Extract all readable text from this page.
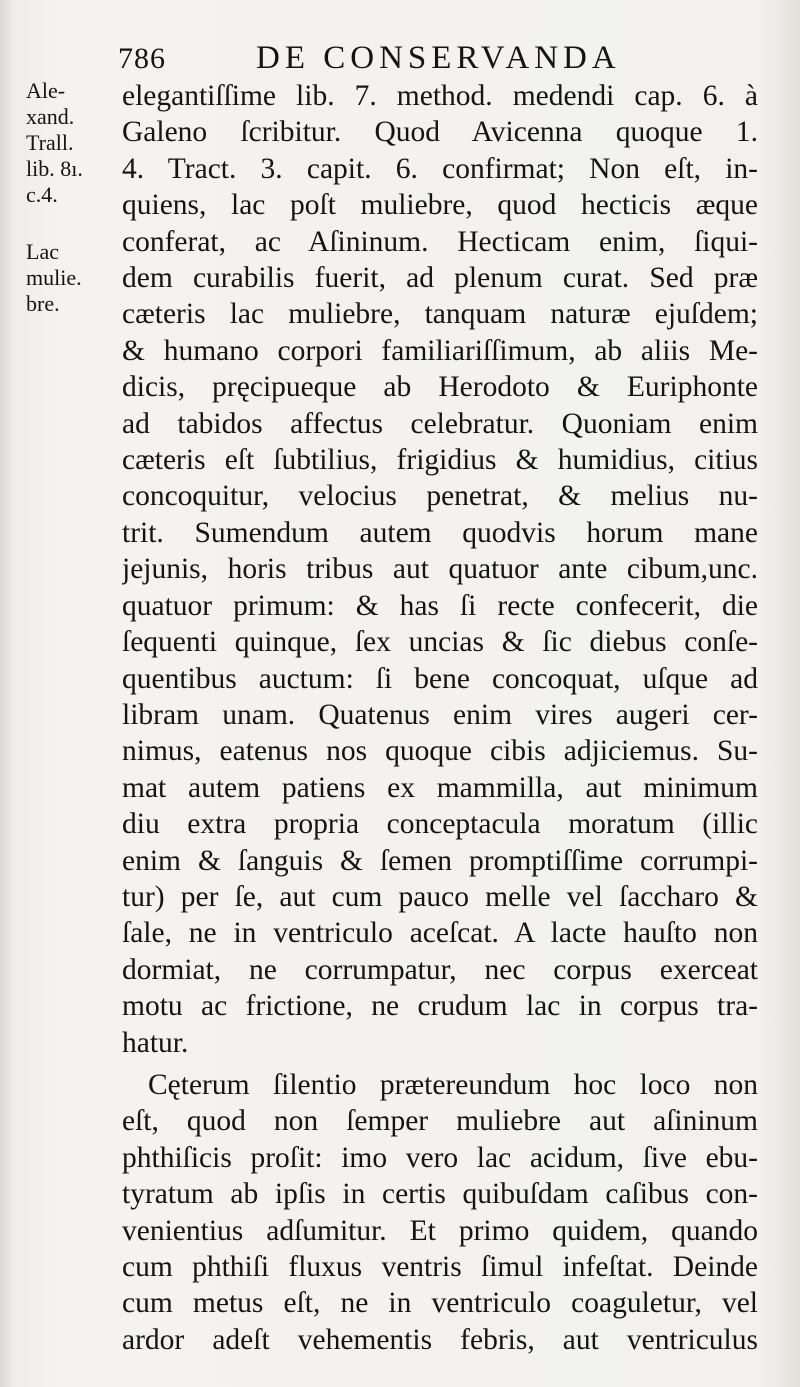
786	DE CONSERVANDA
Ale-
xand.
Trall.
lib. 8ı.
c.4.
Lac
mulie.
bre.
elegantiſſime lib. 7. method. medendi cap. 6. à
Galeno ſcribitur. Quod Avicenna quoque 1.
4. Tract. 3. capit. 6. confirmat; Non eſt, in-
quiens, lac poſt muliebre, quod hecticis æque
conferat, ac Aſininum. Hecticam enim, ſiqui-
dem curabilis fuerit, ad plenum curat. Sed præ
cæteris lac muliebre, tanquam naturæ ejuſdem;
& humano corpori familiariſſimum, ab aliis Me-
dicis, pręcipueque ab Herodoto & Euriphonte
ad tabidos affectus celebratur. Quoniam enim
cæteris eſt ſubtilius, frigidius & humidius, citius
concoquitur, velocius penetrat, & melius nu-
trit. Sumendum autem quodvis horum mane
jejunis, horis tribus aut quatuor ante cibum,unc.
quatuor primum: & has ſi recte confecerit, die
ſequenti quinque, ſex uncias & ſic diebus conſe-
quentibus auctum: ſi bene concoquat, uſque ad
libram unam. Quatenus enim vires augeri cer-
nimus, eatenus nos quoque cibis adjiciemus. Su-
mat autem patiens ex mammilla, aut minimum
diu extra propria conceptacula moratum (illic
enim & ſanguis & ſemen promptiſſime corrumpi-
tur) per ſe, aut cum pauco melle vel ſaccharo &
ſale, ne in ventriculo aceſcat. A lacte hauſto non
dormiat, ne corrumpatur, nec corpus exerceat
motu ac frictione, ne crudum lac in corpus tra-
hatur.
Cęterum ſilentio prætereundum hoc loco non
eſt, quod non ſemper muliebre aut aſininum
phthiſicis proſit: imo vero lac acidum, ſive ebu-
tyratum ab ipſis in certis quibuſdam caſibus con-
venientius adſumitur. Et primo quidem, quando
cum phthiſi fluxus ventris ſimul infeſtat. Deinde
cum metus eſt, ne in ventriculo coaguletur, vel
ardor adeſt vehementis febris, aut ventriculus
